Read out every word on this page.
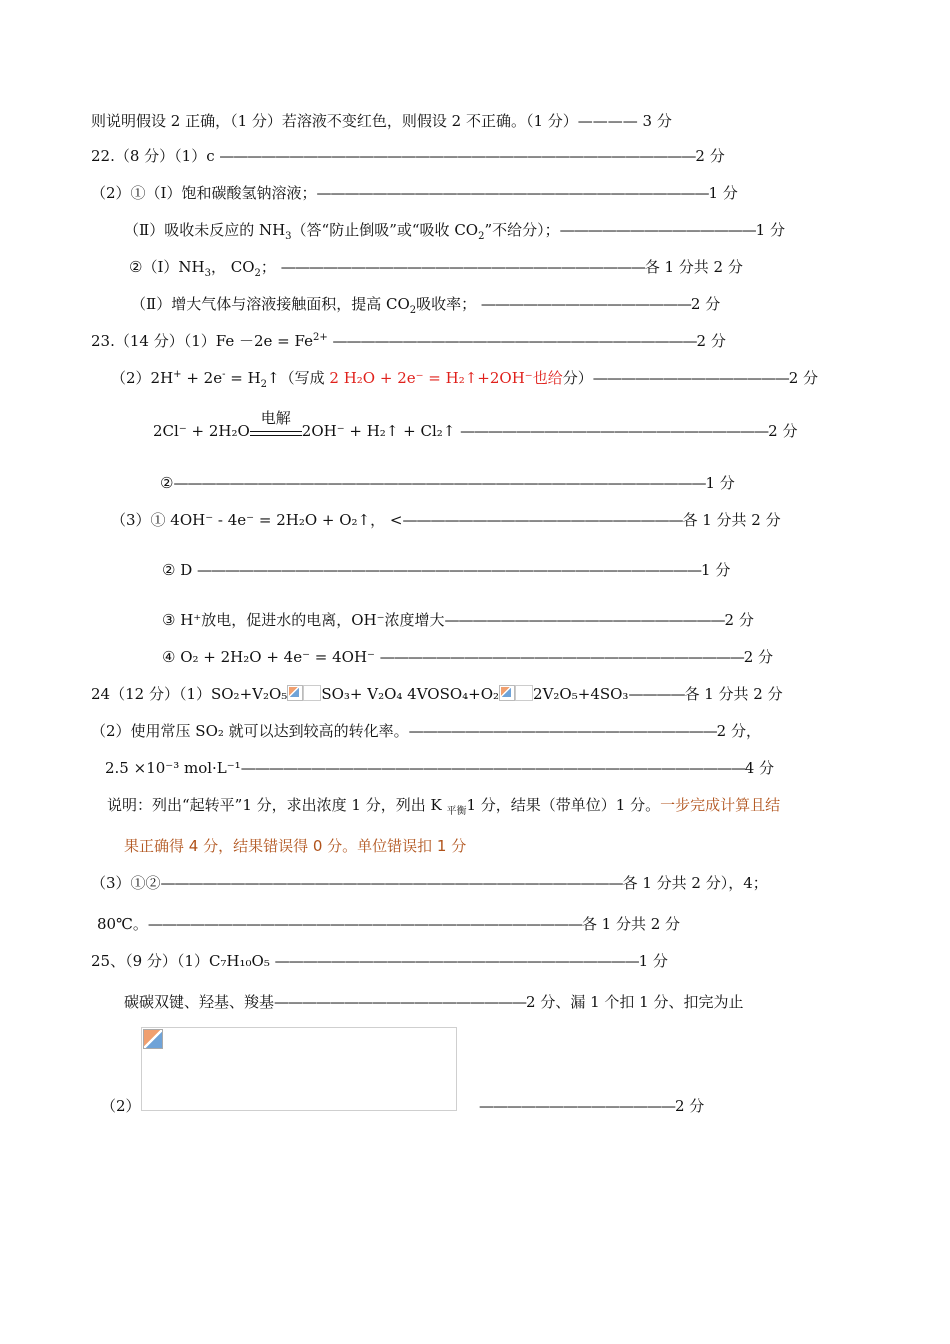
则说明假设 2 正确，（1 分）若溶液不变红色，则假设 2 不正确。（1 分）———— 3 分
22.（8 分）（1）c ——————————————————————————————————2 分
（2）①（Ⅰ）饱和碳酸氢钠溶液；————————————————————————————1 分
（Ⅱ）吸收未反应的 $NH_3$（答“防止倒吸”或“吸收 $CO_2$”不给分）；——————————————1 分
$②(Ⅰ)NH_3$， $CO_2$； ——————————————————————————各 1 分共 2 分
（Ⅱ）增大气体与溶液接触面积，提高 $CO_2$吸收率； ———————————————2 分
23.（14 分）$(1)Fe -2e = Fe^{2+}$ ——————————————————————————2 分
$(2)2H^+ + 2e^- = H_2↑$（写成 2 H₂O + 2e⁻ = H₂↑+2OH⁻也给分）——————————————2 分
2Cl⁻ + 2H₂O
电解
2OH⁻ + H₂↑ + Cl₂↑ ——————————————————————2 分
②——————————————————————————————————————1 分
（3）① 4OH⁻ - 4e⁻ = 2H₂O + O₂↑， <————————————————————各 1 分共 2 分
② D ————————————————————————————————————1 分
③ H⁺放电，促进水的电离，OH⁻浓度增大————————————————————2 分
④ O₂ + 2H₂O + 4e⁻ = 4OH⁻ ——————————————————————————2 分
24（12 分）（1）SO₂+V₂O₅ SO₃+ V₂O₄ 4VOSO₄+O₂ 2V₂O₅+4SO₃————各 1 分共 2 分
（2）使用常压 SO₂ 就可以达到较高的转化率。——————————————————————2 分，
2.5 ×10⁻³ mol·L⁻¹————————————————————————————————————4 分
说明：列出“起转平”1 分，求出浓度 1 分，列出 K $_{平衡}$1 分，结果（带单位）1 分。一步完成计算且结
果正确得 4 分，结果错误得 0 分。单位错误扣 1 分
（3）①②—————————————————————————————————各 1 分共 2 分），4；
80℃。———————————————————————————————各 1 分共 2 分
25、（9 分）（1）C₇H₁₀O₅ ——————————————————————————1 分
碳碳双键、羟基、羧基——————————————————2 分、漏 1 个扣 1 分、扣完为止
（2）	——————————————2 分
